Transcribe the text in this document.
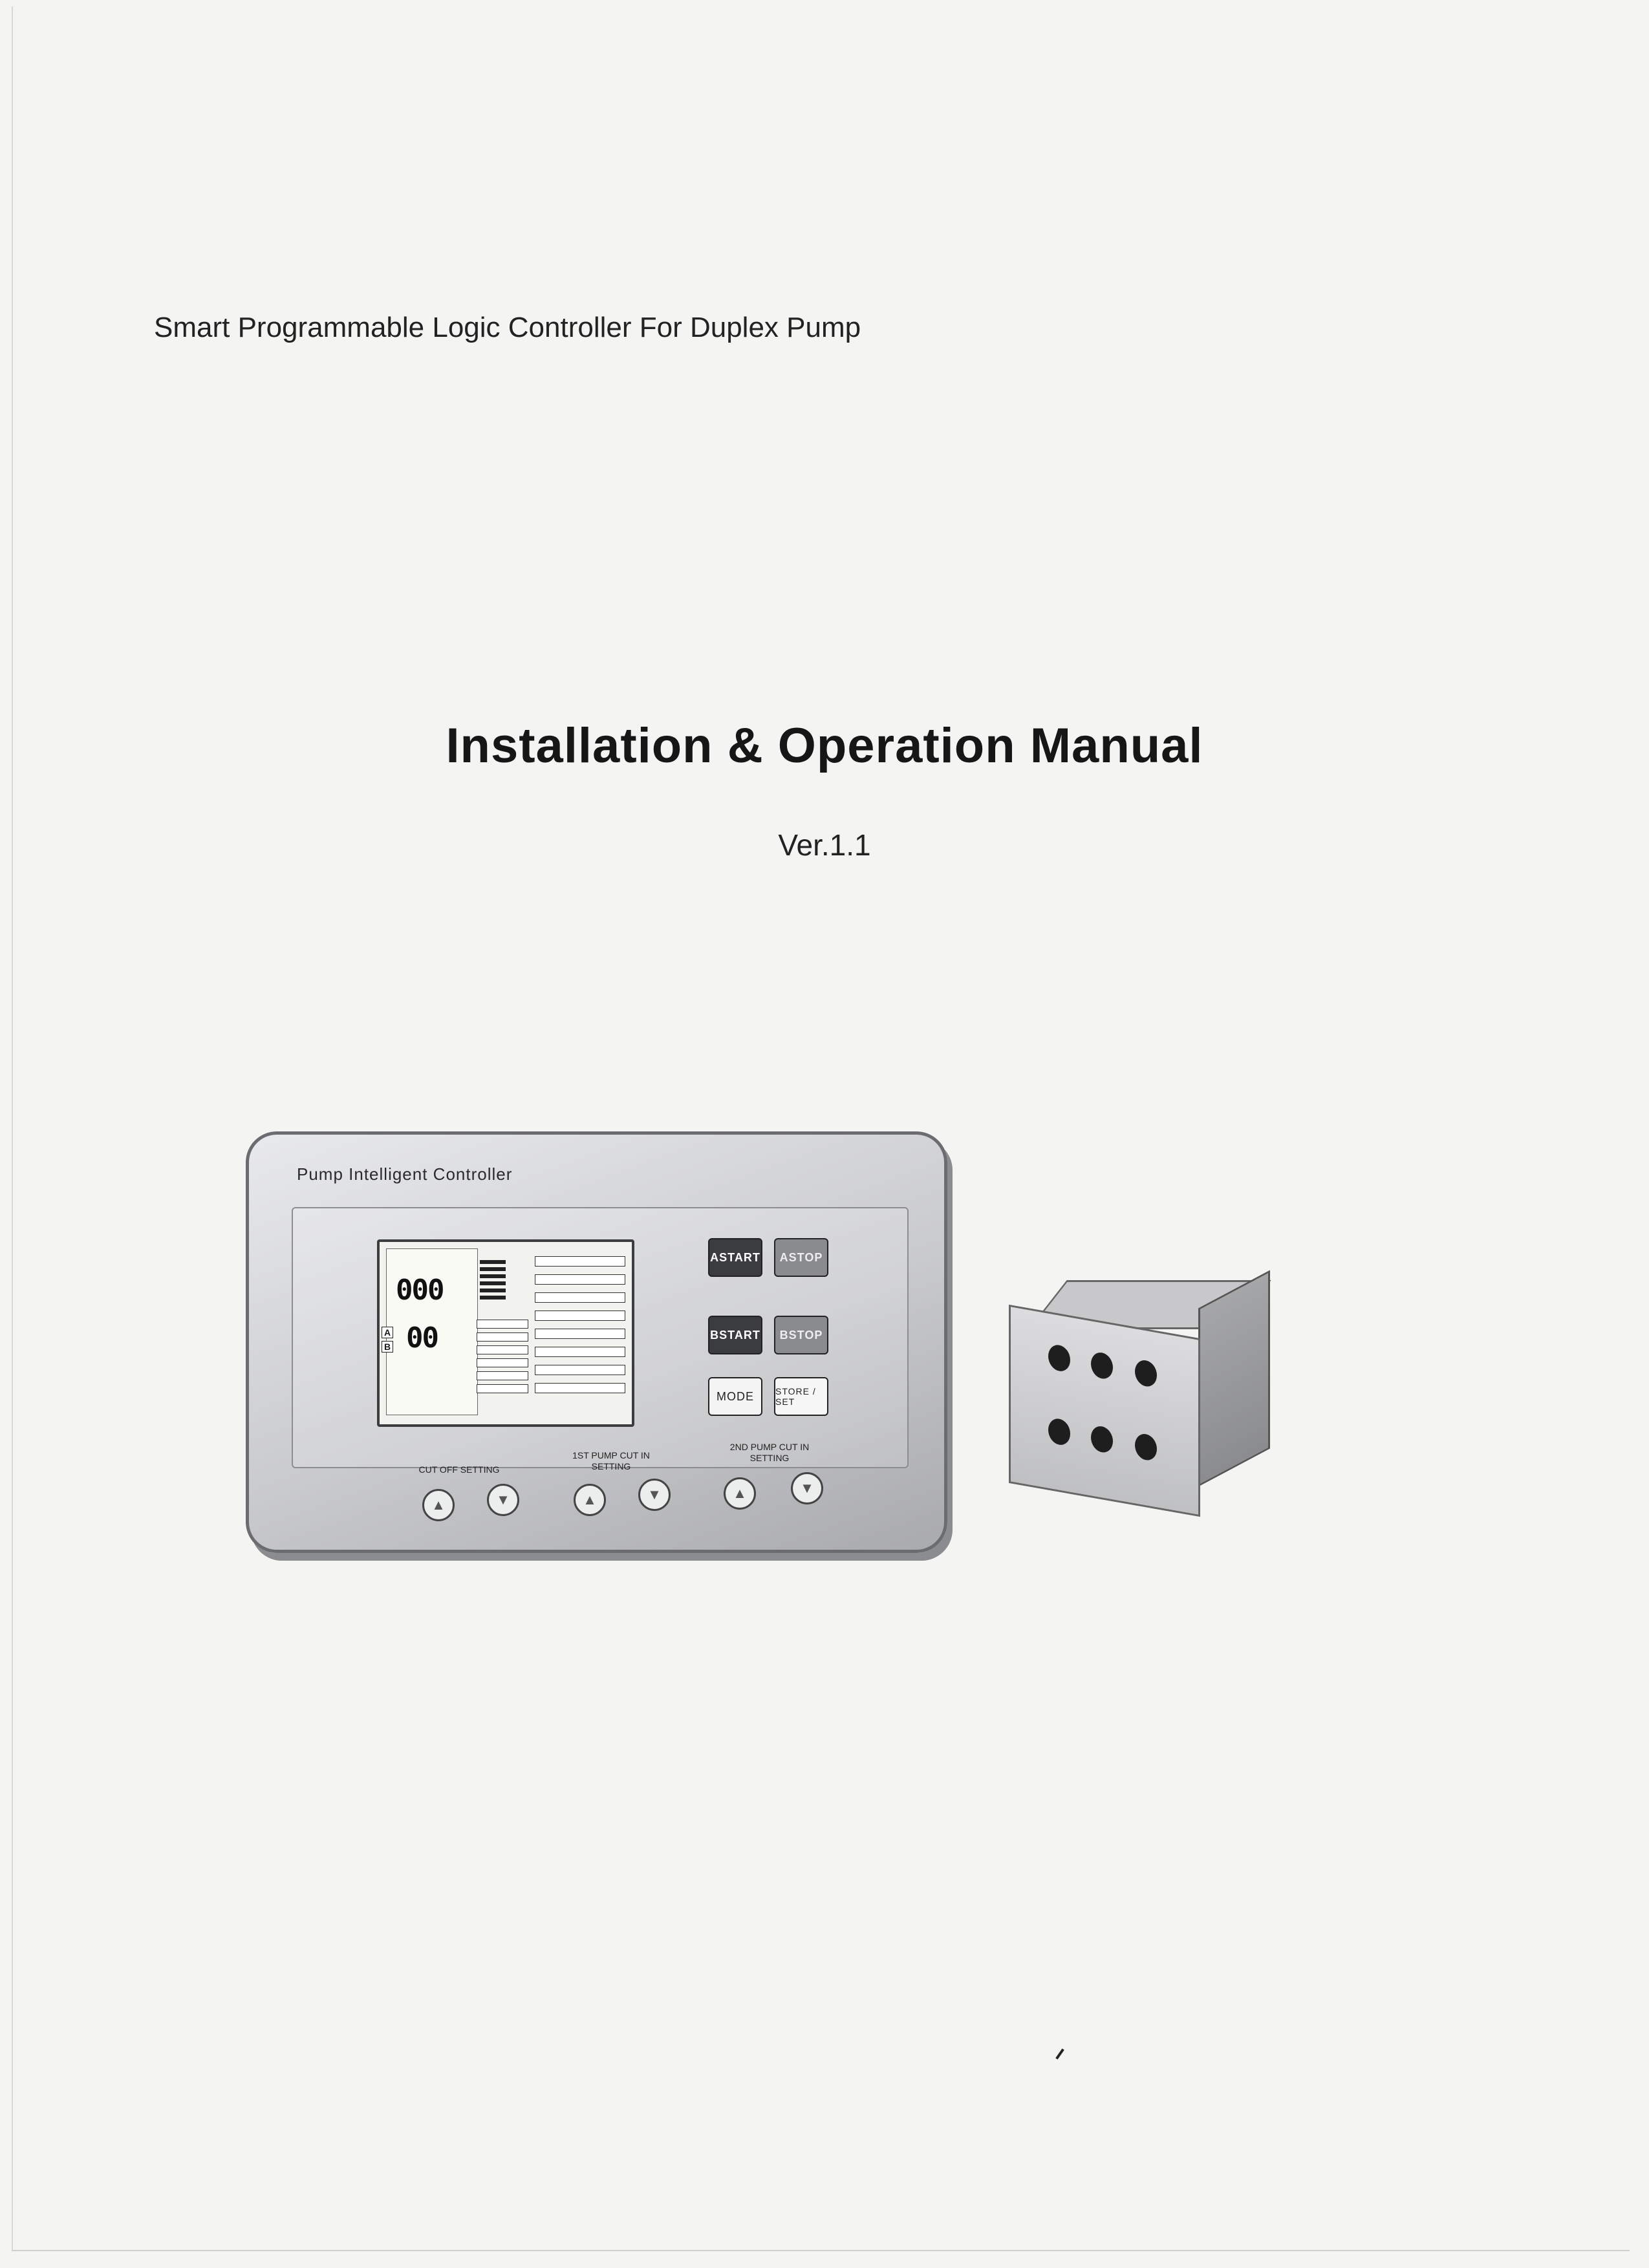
Smart Programmable Logic Controller For Duplex Pump
Installation & Operation Manual
Ver.1.1
Pump Intelligent Controller
000
A
B 00
ASTART	ASTOP
BSTART	BSTOP
MODE	STORE / SET
CUT OFF SETTING
1ST PUMP CUT IN SETTING
2ND PUMP CUT IN SETTING
▲	▼	▲	▼	▲	▼
